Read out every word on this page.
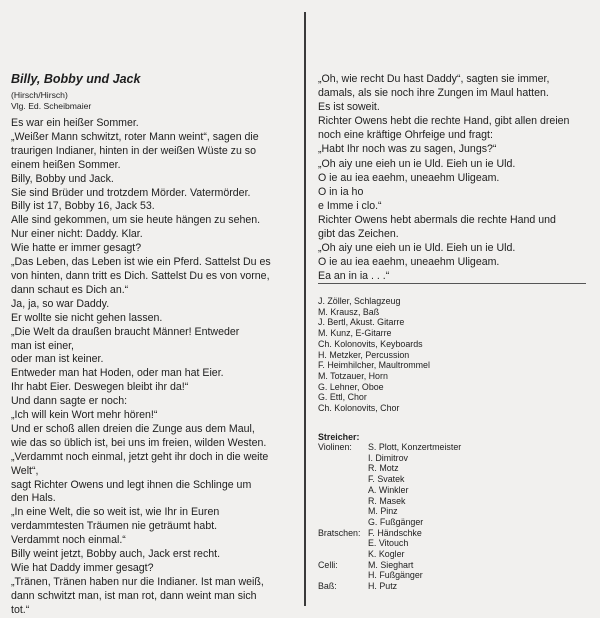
Billy, Bobby und Jack
(Hirsch/Hirsch)
Vlg. Ed. Scheibmaier
Es war ein heißer Sommer.
„Weißer Mann schwitzt, roter Mann weint“, sagen die
traurigen Indianer, hinten in der weißen Wüste zu so
einem heißen Sommer.
Billy, Bobby und Jack.
Sie sind Brüder und trotzdem Mörder. Vatermörder.
Billy ist 17, Bobby 16, Jack 53.
Alle sind gekommen, um sie heute hängen zu sehen.
Nur einer nicht: Daddy. Klar.
Wie hatte er immer gesagt?
„Das Leben, das Leben ist wie ein Pferd. Sattelst Du es
von hinten, dann tritt es Dich. Sattelst Du es von vorne,
dann schaut es Dich an.“
Ja, ja, so war Daddy.
Er wollte sie nicht gehen lassen.
„Die Welt da draußen braucht Männer! Entweder
man ist einer,
oder man ist keiner.
Entweder man hat Hoden, oder man hat Eier.
Ihr habt Eier. Deswegen bleibt ihr da!“
Und dann sagte er noch:
„Ich will kein Wort mehr hören!“
Und er schoß allen dreien die Zunge aus dem Maul,
wie das so üblich ist, bei uns im freien, wilden Westen.
„Verdammt noch einmal, jetzt geht ihr doch in die weite
Welt“,
sagt Richter Owens und legt ihnen die Schlinge um
den Hals.
„In eine Welt, die so weit ist, wie Ihr in Euren
verdammtesten Träumen nie geträumt habt.
Verdammt noch einmal.“
Billy weint jetzt, Bobby auch, Jack erst recht.
Wie hat Daddy immer gesagt?
„Tränen, Tränen haben nur die Indianer. Ist man weiß,
dann schwitzt man, ist man rot, dann weint man sich
tot.“
„Oh, wie recht Du hast Daddy“, sagten sie immer,
damals, als sie noch ihre Zungen im Maul hatten.
Es ist soweit.
Richter Owens hebt die rechte Hand, gibt allen dreien
noch eine kräftige Ohrfeige und fragt:
„Habt Ihr noch was zu sagen, Jungs?“
„Oh aiy une eieh un ie Uld. Eieh un ie Uld.
O ie au iea eaehm, uneaehm Uligeam.
O in ia ho
e Imme i clo.“
Richter Owens hebt abermals die rechte Hand und
gibt das Zeichen.
„Oh aiy une eieh un ie Uld. Eieh un ie Uld.
O ie au iea eaehm, uneaehm Uligeam.
Ea an in ia . . .“
J. Zöller, Schlagzeug
M. Krausz, Baß
J. Bertl, Akust. Gitarre
M. Kunz, E-Gitarre
Ch. Kolonovits, Keyboards
H. Metzker, Percussion
F. Heimhilcher, Maultrommel
M. Totzauer, Horn
G. Lehner, Oboe
G. Ettl, Chor
Ch. Kolonovits, Chor
Streicher:
Violinen:	S. Plott, Konzertmeister
I. Dimitrov
R. Motz
F. Svatek
A. Winkler
R. Masek
M. Pinz
G. Fußgänger
Bratschen: F. Händschke
E. Vitouch
K. Kogler
Celli:	M. Sieghart
H. Fußgänger
Baß:	H. Putz
